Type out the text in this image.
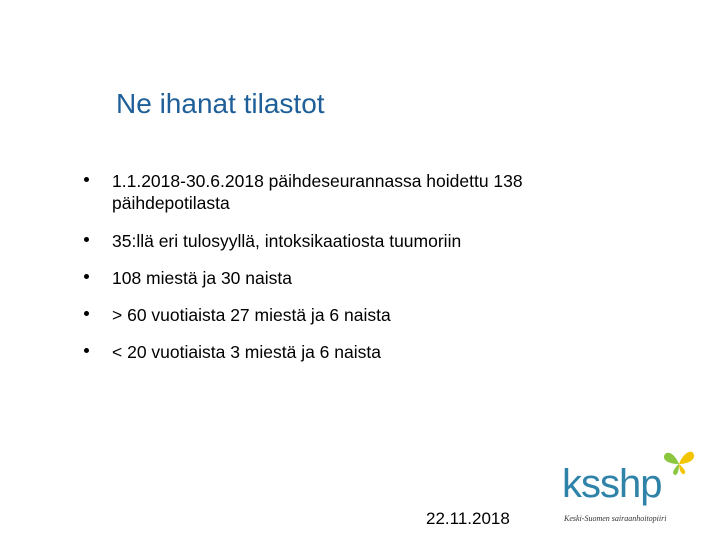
Ne ihanat tilastot
1.1.2018-30.6.2018 päihdeseurannassa hoidettu 138 päihdepotilasta
35:llä eri tulosyyllä, intoksikaatiosta tuumoriin
108 miestä ja 30 naista
> 60 vuotiaista 27 miestä ja 6 naista
< 20 vuotiaista 3 miestä ja 6 naista
22.11.2018
ksshp
Keski-Suomen sairaanhoitopiiri
